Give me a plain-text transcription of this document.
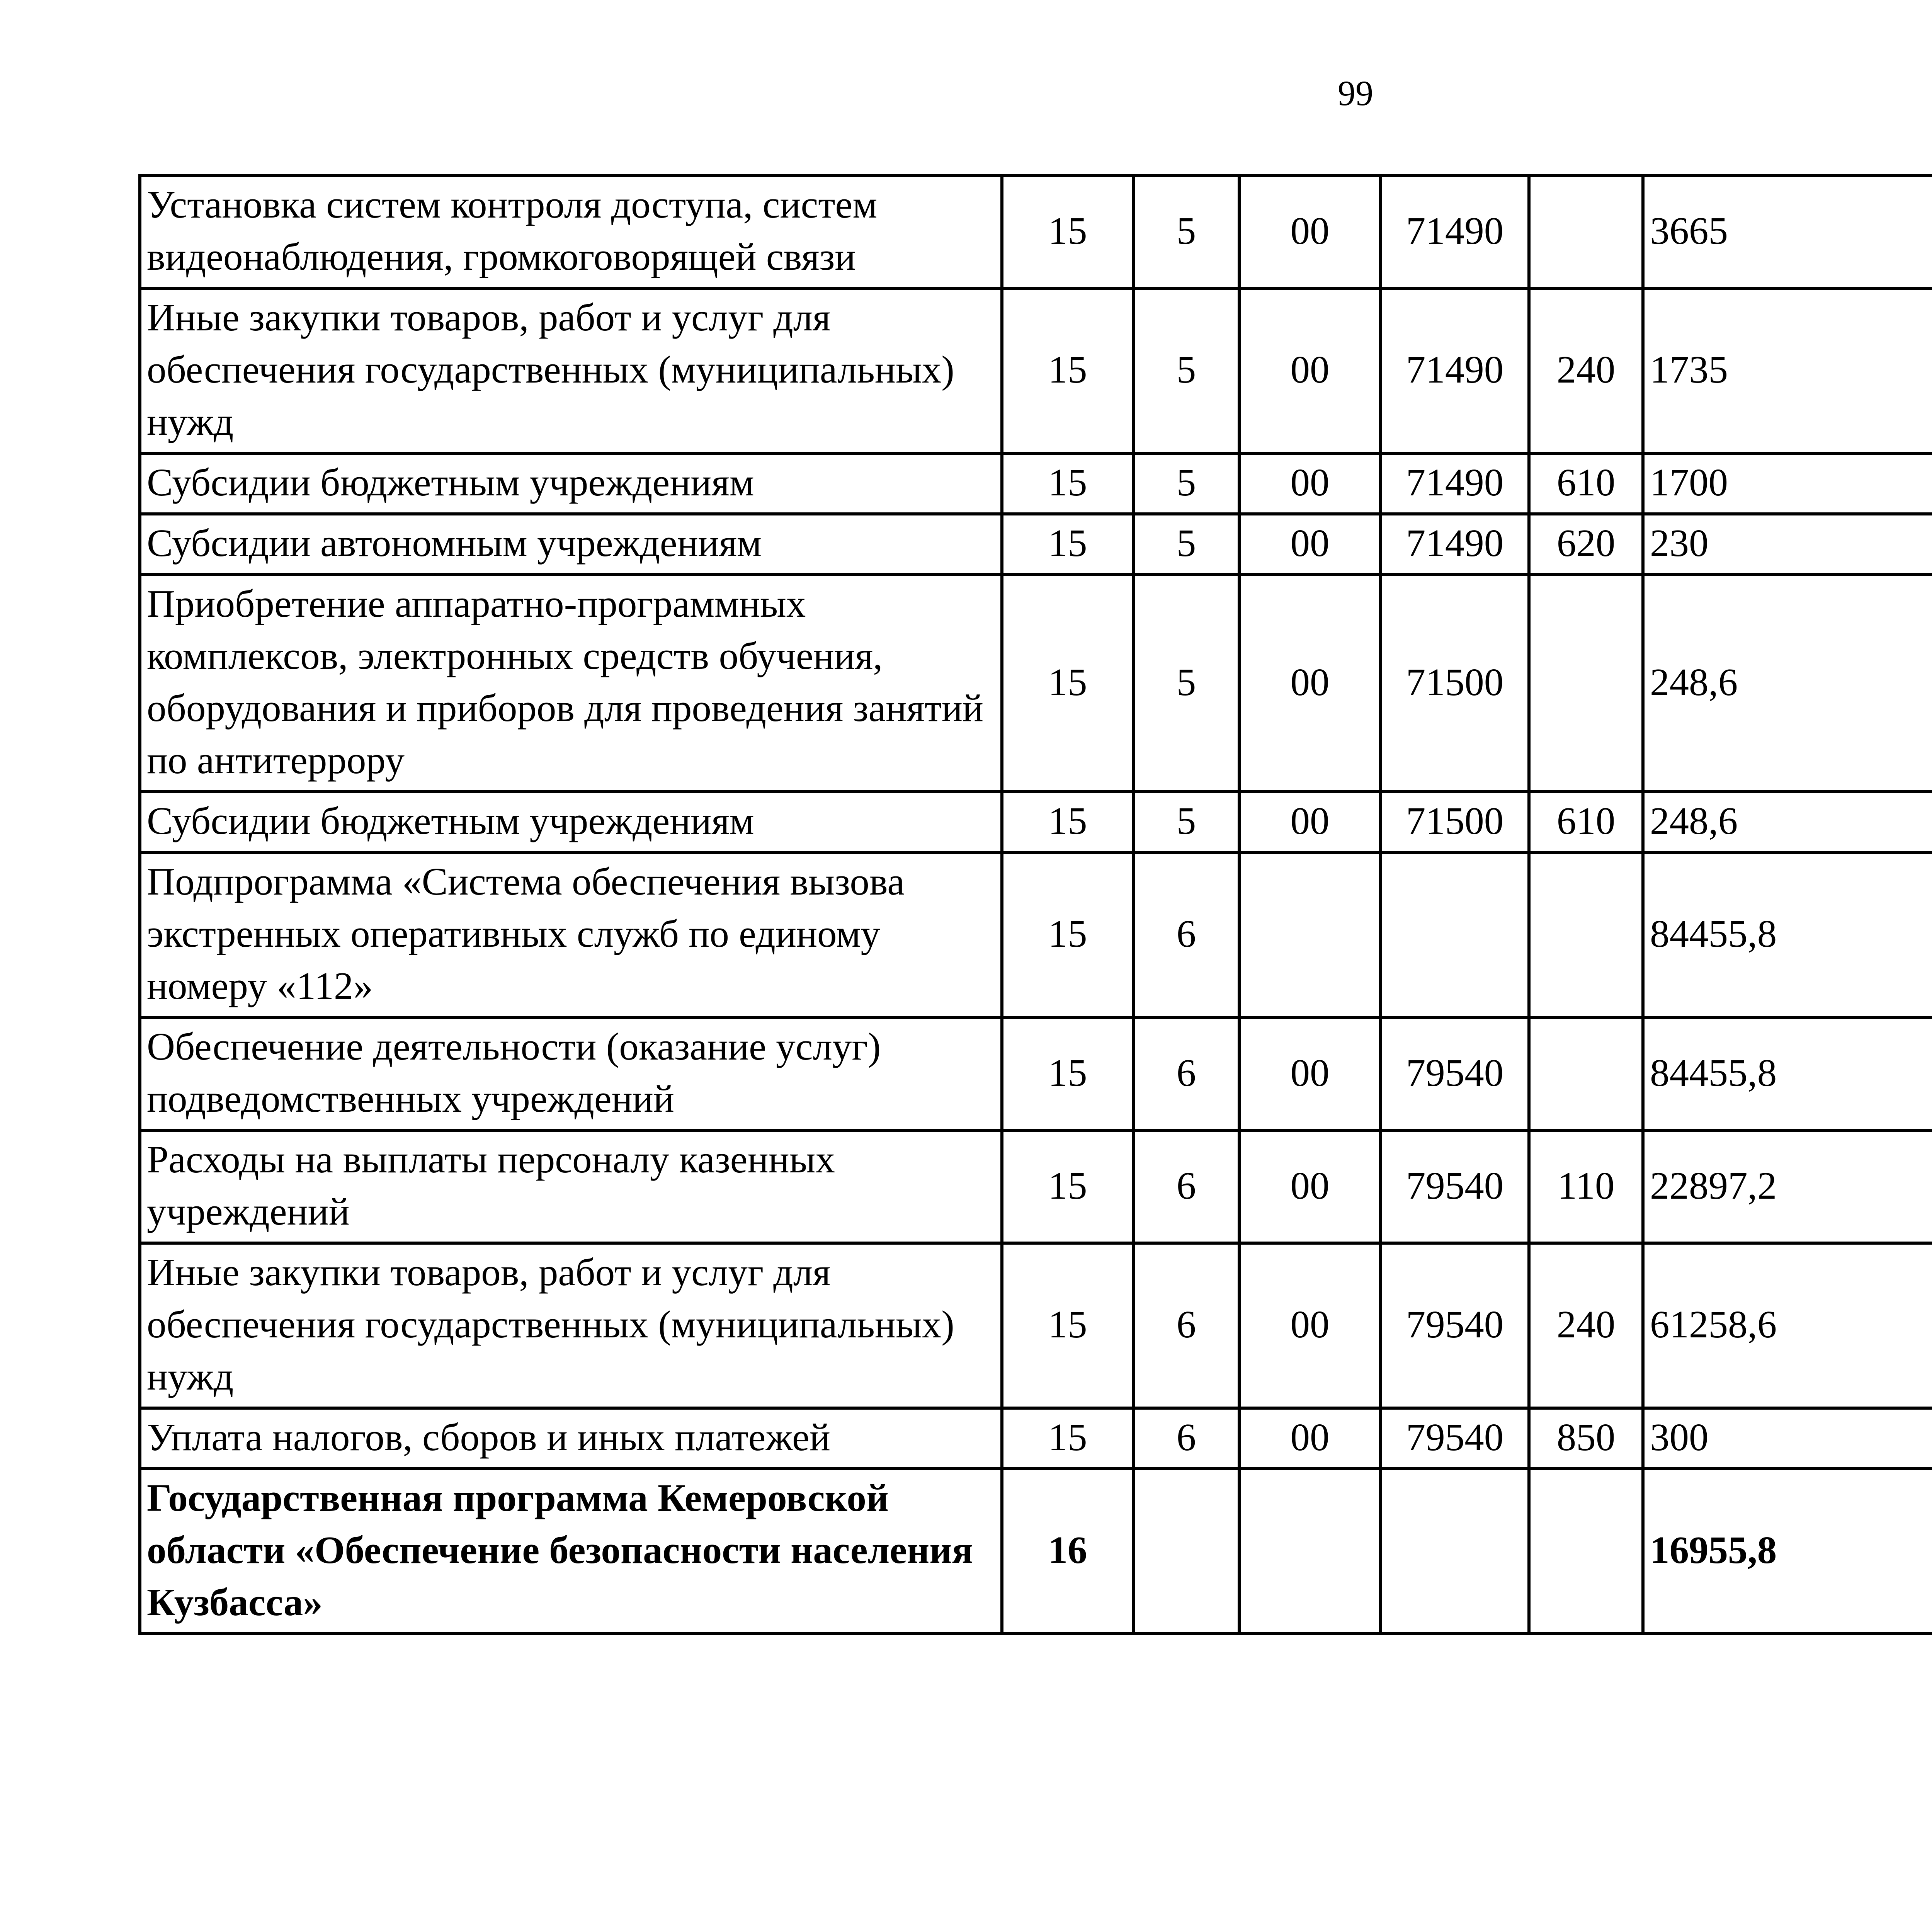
99
Установка систем контроля доступа, систем видеонаблюдения, громкоговорящей связи	15	5	00	71490		3665		
Иные закупки товаров, работ и услуг для обеспечения государственных (муниципальных) нужд	15	5	00	71490	240	1735		
Субсидии бюджетным учреждениям	15	5	00	71490	610	1700		
Субсидии автономным учреждениям	15	5	00	71490	620	230		
Приобретение аппаратно-программных комплексов, электронных средств обучения, оборудования и приборов для проведения занятий по антитеррору	15	5	00	71500		248,6		
Субсидии бюджетным учреждениям	15	5	00	71500	610	248,6		
Подпрограмма «Система обеспечения вызова экстренных оперативных служб по единому номеру «112»	15	6				84455,8		
Обеспечение деятельности (оказание услуг) подведомственных учреждений	15	6	00	79540		84455,8		
Расходы на выплаты персоналу казенных учреждений	15	6	00	79540	110	22897,2		
Иные закупки товаров, работ и услуг для обеспечения государственных (муниципальных) нужд	15	6	00	79540	240	61258,6		
Уплата налогов, сборов и иных платежей	15	6	00	79540	850	300		
Государственная программа Кемеровской области «Обеспечение безопасности населения Кузбасса»	16					16955,8		
